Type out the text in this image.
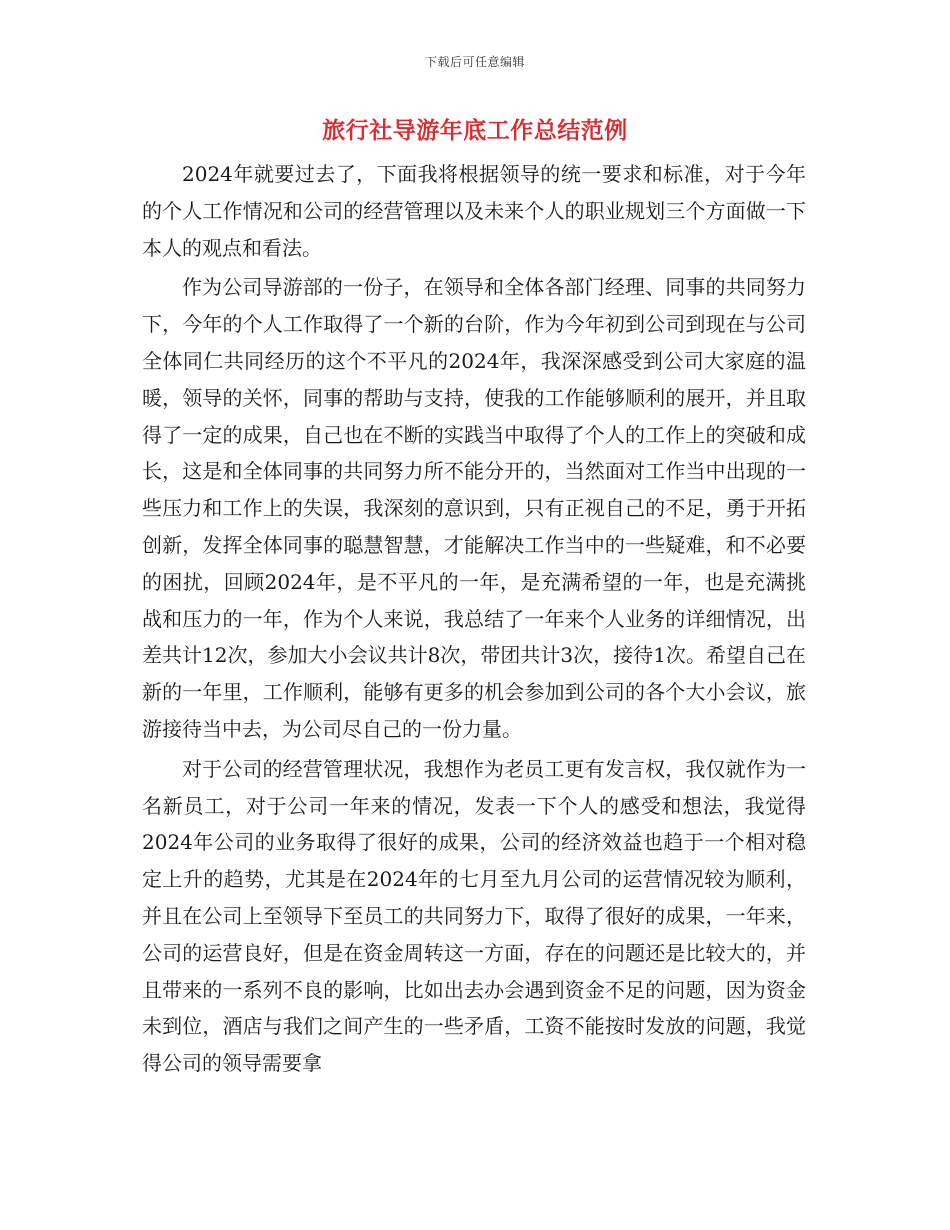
下载后可任意编辑
旅行社导游年底工作总结范例

2024年就要过去了，下面我将根据领导的统一要求和标准，对于今年的个人工作情况和公司的经营管理以及未来个人的职业规划三个方面做一下本人的观点和看法。

作为公司导游部的一份子，在领导和全体各部门经理、同事的共同努力下，今年的个人工作取得了一个新的台阶，作为今年初到公司到现在与公司全体同仁共同经历的这个不平凡的2024年，我深深感受到公司大家庭的温暖，领导的关怀，同事的帮助与支持，使我的工作能够顺利的展开，并且取得了一定的成果，自己也在不断的实践当中取得了个人的工作上的突破和成长，这是和全体同事的共同努力所不能分开的，当然面对工作当中出现的一些压力和工作上的失误，我深刻的意识到，只有正视自己的不足，勇于开拓创新，发挥全体同事的聪慧智慧，才能解决工作当中的一些疑难，和不必要的困扰，回顾2024年，是不平凡的一年，是充满希望的一年，也是充满挑战和压力的一年，作为个人来说，我总结了一年来个人业务的详细情况，出差共计12次，参加大小会议共计8次，带团共计3次，接待1次。希望自己在新的一年里，工作顺利，能够有更多的机会参加到公司的各个大小会议，旅游接待当中去，为公司尽自己的一份力量。

对于公司的经营管理状况，我想作为老员工更有发言权，我仅就作为一名新员工，对于公司一年来的情况，发表一下个人的感受和想法，我觉得2024年公司的业务取得了很好的成果，公司的经济效益也趋于一个相对稳定上升的趋势，尤其是在2024年的七月至九月公司的运营情况较为顺利，并且在公司上至领导下至员工的共同努力下，取得了很好的成果，一年来，公司的运营良好，但是在资金周转这一方面，存在的问题还是比较大的，并且带来的一系列不良的影响，比如出去办会遇到资金不足的问题，因为资金未到位，酒店与我们之间产生的一些矛盾，工资不能按时发放的问题，我觉得公司的领导需要拿
